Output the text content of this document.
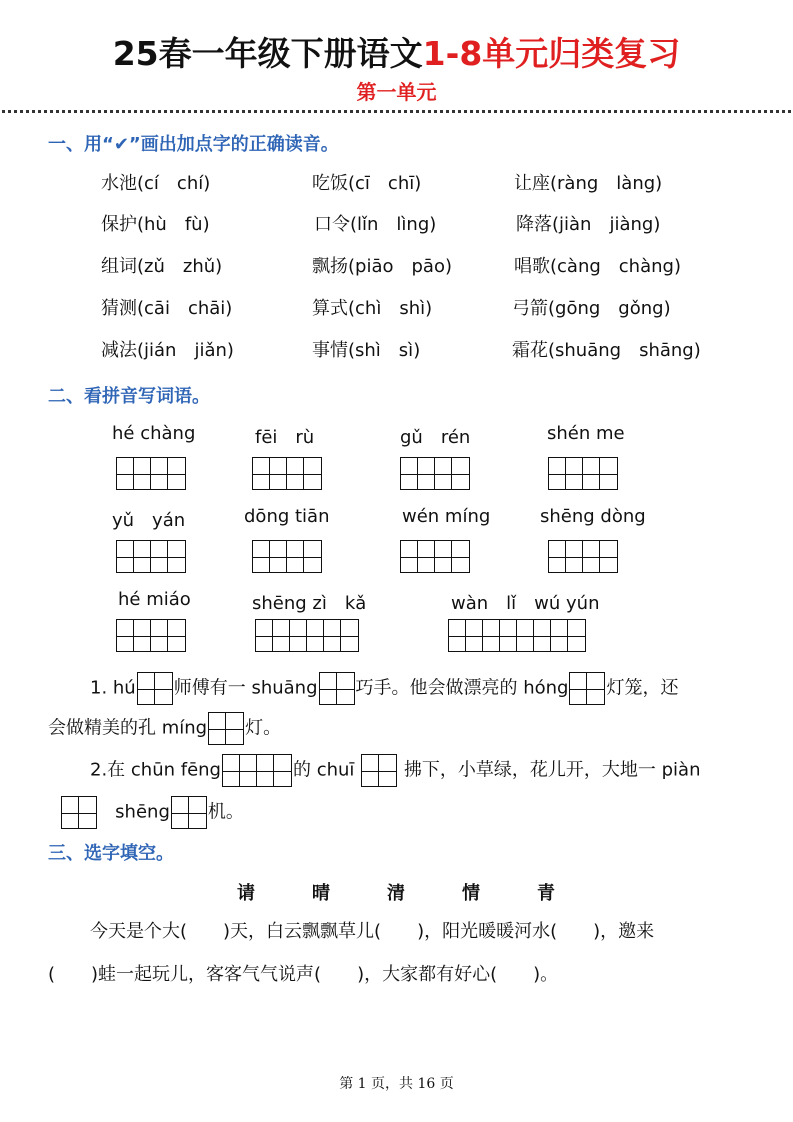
25春一年级下册语文1-8单元归类复习
第一单元
一、用“✔”画出加点字的正确读音。
水池(cí　chí)	吃饭(cī　chī)	让座(ràng　làng)
保护(hù　fù)	口令(lǐn　lìng)	降落(jiàn　jiàng)
组词(zǔ　zhǔ)	飘扬(piāo　pāo)	唱歌(càng　chàng)
猜测(cāi　chāi)	算式(chì　shì)	弓箭(gōng　gǒng)
减法(jián　jiǎn)	事情(shì　sì)	霜花(shuāng　shāng)
二、看拼音写词语。
hé chàng	fēi　rù	gǔ　rén	shén me
yǔ　yán	dōng tiān	wén míng	shēng dòng
hé miáo	shēng zì　kǎ	wàn　lǐ　wú yún
1. hú 师傅有一 shuāng 巧手。他会做漂亮的 hóng 灯笼，还
会做精美的孔 míng 灯。
2.在 chūn fēng	的 chuī	拂下，小草绿，花儿开，大地一 piàn
shēng 机。
三、选字填空。
请	晴	清	情	青
今天是个大(　　)天，白云飘飘草儿(　　)，阳光暖暖河水(　　)，邀来
(　　)蛙一起玩儿，客客气气说声(　　)，大家都有好心(　　)。
第 1 页，共 16 页
